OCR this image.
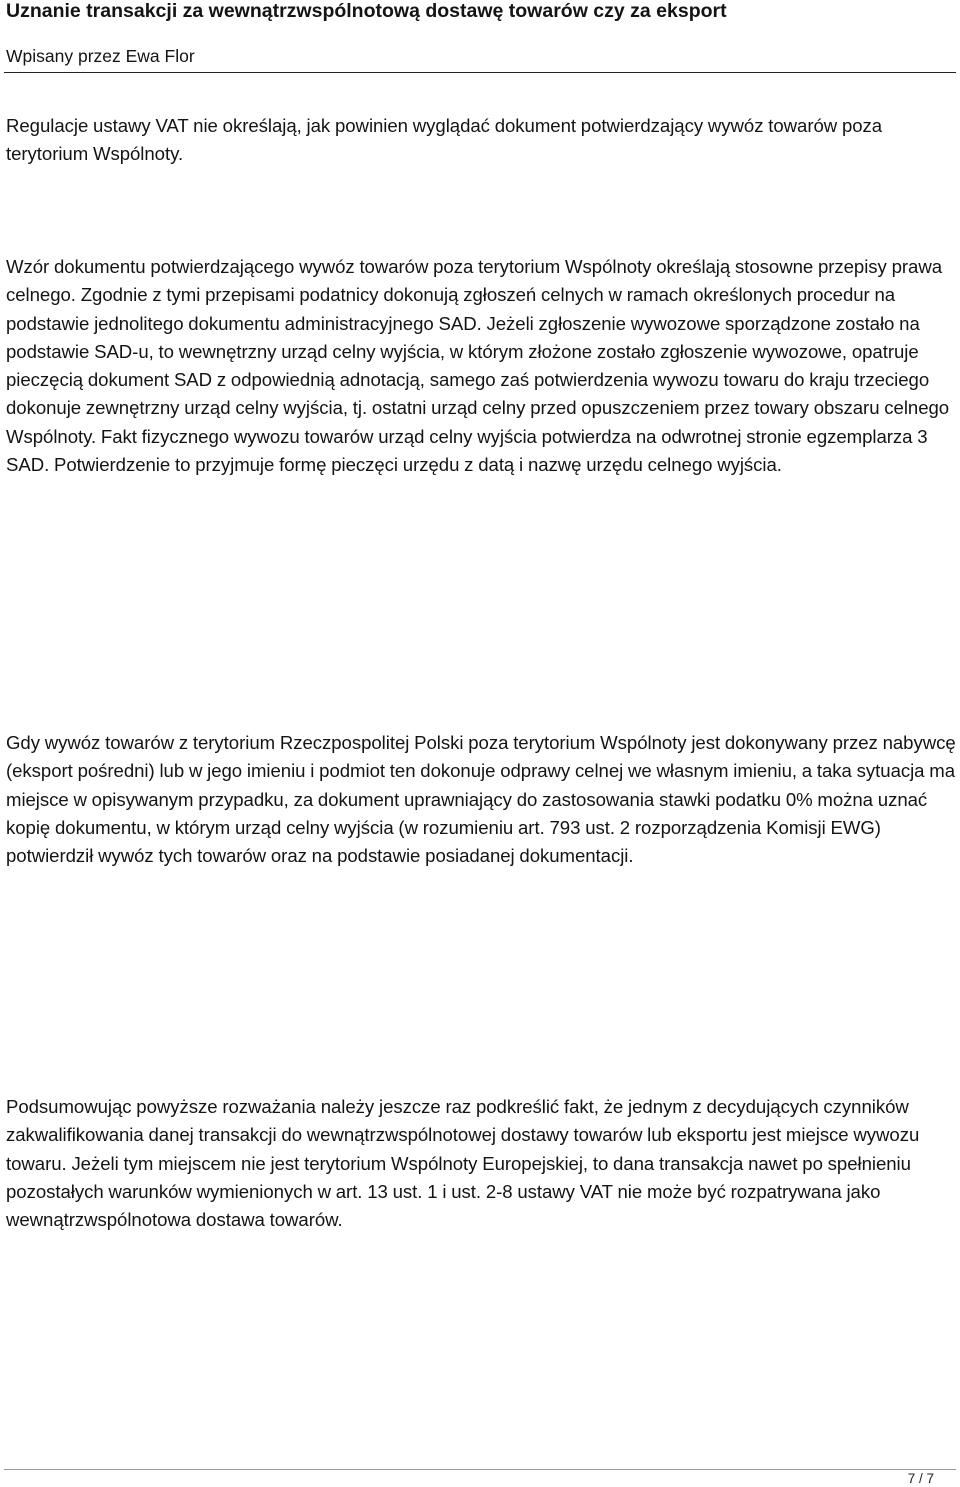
Uznanie transakcji za wewnątrzwspólnotową dostawę towarów czy za eksport
Wpisany przez Ewa Flor

Regulacje ustawy VAT nie określają, jak powinien wyglądać dokument potwierdzający wywóz towarów poza terytorium Wspólnoty.

Wzór dokumentu potwierdzającego wywóz towarów poza terytorium Wspólnoty określają stosowne przepisy prawa celnego. Zgodnie z tymi przepisami podatnicy dokonują zgłoszeń celnych w ramach określonych procedur na podstawie jednolitego dokumentu administracyjnego SAD. Jeżeli zgłoszenie wywozowe sporządzone zostało na podstawie SAD-u, to wewnętrzny urząd celny wyjścia, w którym złożone zostało zgłoszenie wywozowe, opatruje pieczęcią dokument SAD z odpowiednią adnotacją, samego zaś potwierdzenia wywozu towaru do kraju trzeciego dokonuje zewnętrzny urząd celny wyjścia, tj. ostatni urząd celny przed opuszczeniem przez towary obszaru celnego Wspólnoty. Fakt fizycznego wywozu towarów urząd celny wyjścia potwierdza na odwrotnej stronie egzemplarza 3 SAD. Potwierdzenie to przyjmuje formę pieczęci urzędu z datą i nazwę urzędu celnego wyjścia.

Gdy wywóz towarów z terytorium Rzeczpospolitej Polski poza terytorium Wspólnoty jest dokonywany przez nabywcę (eksport pośredni) lub w jego imieniu i podmiot ten dokonuje odprawy celnej we własnym imieniu, a taka sytuacja ma miejsce w opisywanym przypadku, za dokument uprawniający do zastosowania stawki podatku 0% można uznać kopię dokumentu, w którym urząd celny wyjścia (w rozumieniu art. 793 ust. 2 rozporządzenia Komisji EWG) potwierdził wywóz tych towarów oraz na podstawie posiadanej dokumentacji.

Podsumowując powyższe rozważania należy jeszcze raz podkreślić fakt, że jednym z decydujących czynników zakwalifikowania danej transakcji do wewnątrzwspólnotowej dostawy towarów lub eksportu jest miejsce wywozu towaru. Jeżeli tym miejscem nie jest terytorium Wspólnoty Europejskiej, to dana transakcja nawet po spełnieniu pozostałych warunków wymienionych w art. 13 ust. 1 i ust. 2-8 ustawy VAT nie może być rozpatrywana jako wewnątrzwspólnotowa dostawa towarów.

7 / 7
